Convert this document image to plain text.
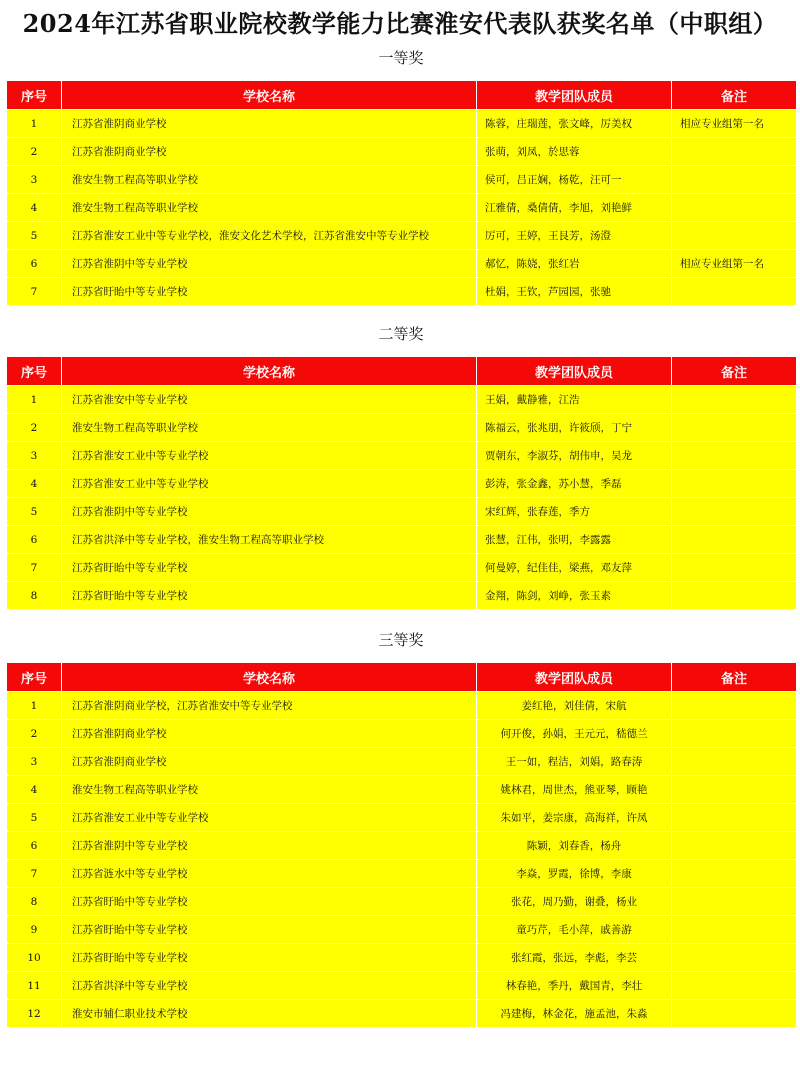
2024年江苏省职业院校教学能力比赛淮安代表队获奖名单（中职组）
一等奖
序号	学校名称	教学团队成员	备注
1	江苏省淮阴商业学校	陈蓉，庄瑞莲，张文峰，厉美权	相应专业组第一名
2	江苏省淮阴商业学校	张萌，刘凤，於思蓉	
3	淮安生物工程高等职业学校	侯可，吕正娴，杨乾，汪可一	
4	淮安生物工程高等职业学校	江雅倩，桑倩倩，李旭，刘艳鲜	
5	江苏省淮安工业中等专业学校，淮安文化艺术学校，江苏省淮安中等专业学校	厉可，王婷，王艮芳，汤澄	
6	江苏省淮阴中等专业学校	郝忆，陈娆，张红岩	相应专业组第一名
7	江苏省盱眙中等专业学校	杜娟，王钦，芦园园，张驰	
二等奖
序号	学校名称	教学团队成员	备注
1	江苏省淮安中等专业学校	王娟，戴静雅，江浩	
2	淮安生物工程高等职业学校	陈福云，张兆朋，许筱颀，丁宁	
3	江苏省淮安工业中等专业学校	贾朝东，李淑芬，胡伟申，吴龙	
4	江苏省淮安工业中等专业学校	彭涛，张金鑫，苏小慧，季磊	
5	江苏省淮阴中等专业学校	宋红辉，张春莲，季方	
6	江苏省洪泽中等专业学校，淮安生物工程高等职业学校	张慧，江伟，张明，李露露	
7	江苏省盱眙中等专业学校	何曼婷，纪佳佳，梁燕，邓友萍	
8	江苏省盱眙中等专业学校	金翔，陈剑，刘峥，张玉素	
三等奖
序号	学校名称	教学团队成员	备注
1	江苏省淮阴商业学校，江苏省淮安中等专业学校	姜红艳，刘佳倩，宋航	
2	江苏省淮阴商业学校	何开俊，孙娟，王元元，嵇德兰	
3	江苏省淮阴商业学校	王一如，程洁，刘娟，路春涛	
4	淮安生物工程高等职业学校	姚林君，周世杰，熊亚琴，顾艳	
5	江苏省淮安工业中等专业学校	朱如平，姜宗康，高海祥，许凤	
6	江苏省淮阴中等专业学校	陈颖，刘春香，杨舟	
7	江苏省涟水中等专业学校	李焱，罗霞，徐博，李康	
8	江苏省盱眙中等专业学校	张花，周乃勤，谢叠，杨业	
9	江苏省盱眙中等专业学校	童巧芹，毛小萍，戚善游	
10	江苏省盱眙中等专业学校	张红霞，张远，李彪，李芸	
11	江苏省洪泽中等专业学校	林春艳，季丹，戴国青，李壮	
12	淮安市辅仁职业技术学校	冯建梅，林金花，施孟池，朱淼	
